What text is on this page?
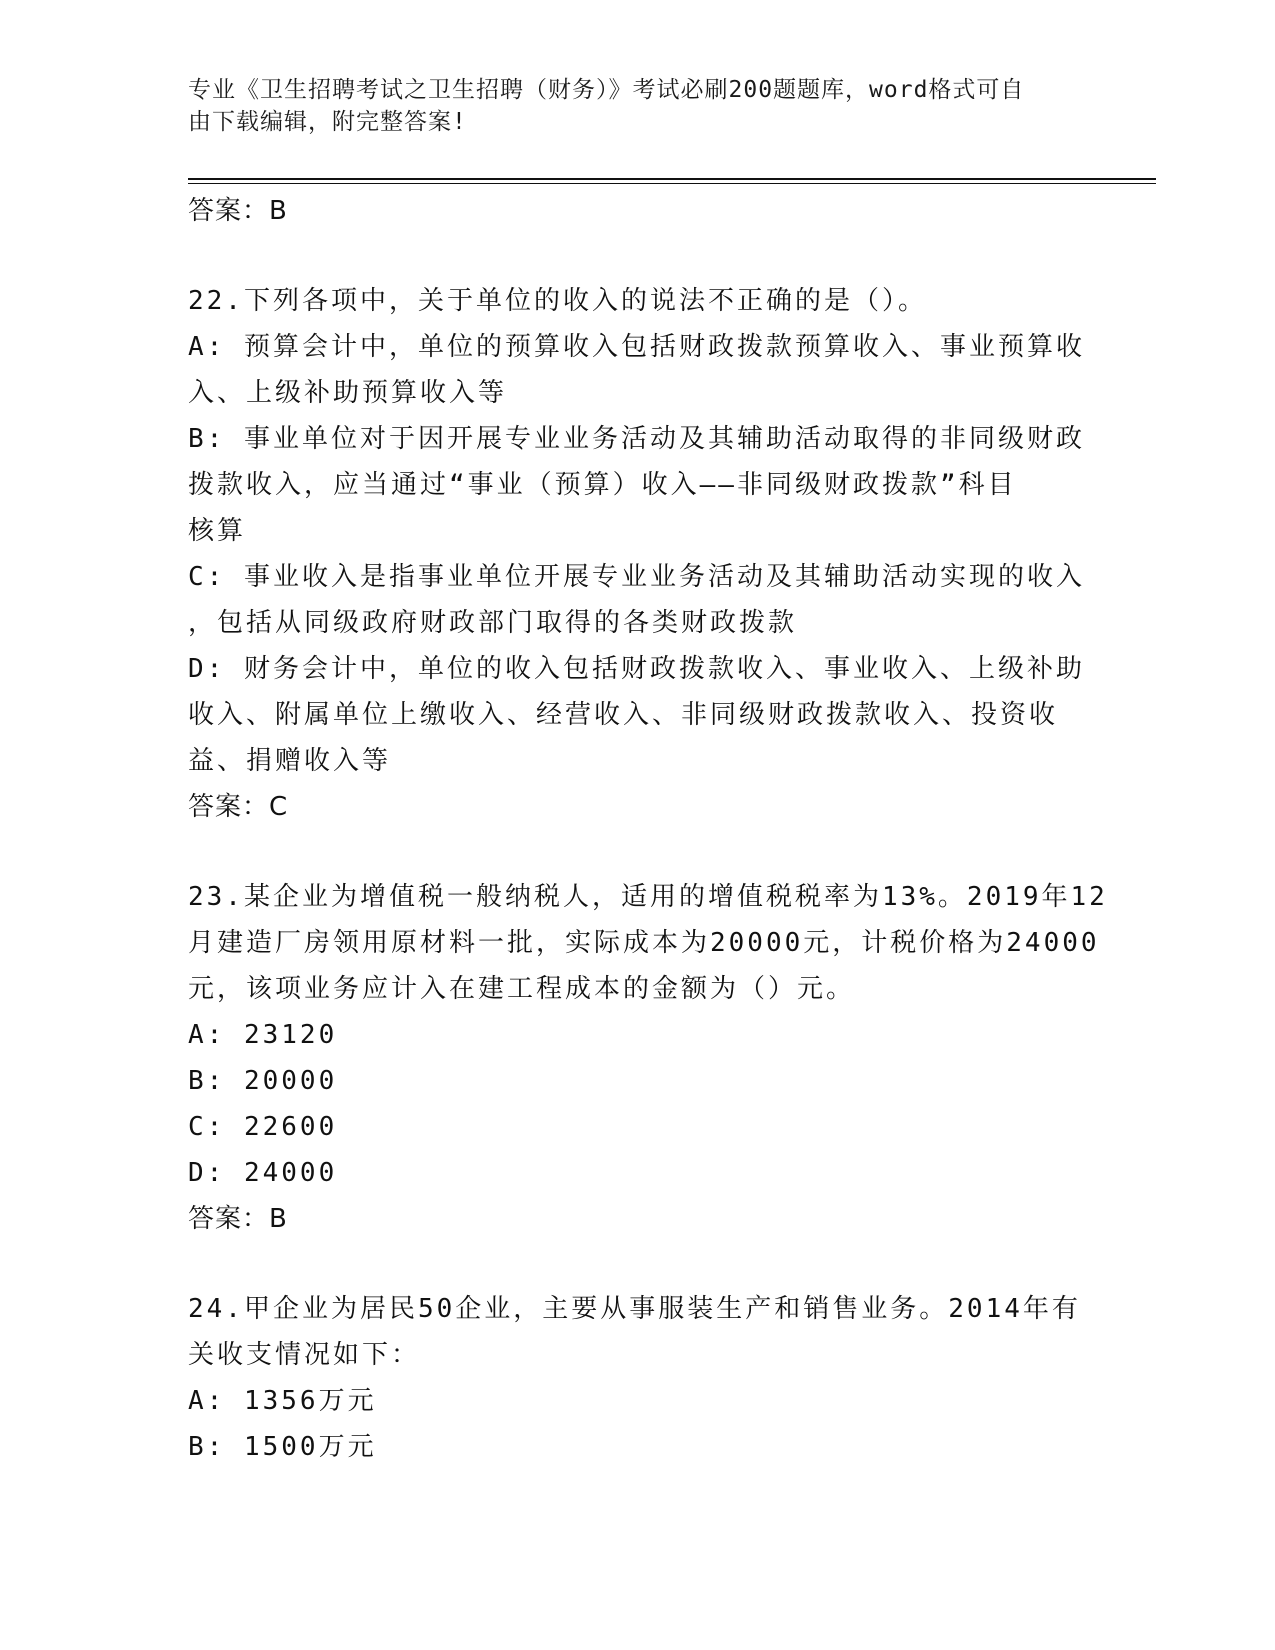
专业《卫生招聘考试之卫生招聘（财务）》考试必刷200题题库，word格式可自
由下载编辑，附完整答案!
答案：B
22.下列各项中，关于单位的收入的说法不正确的是（）。
A: 预算会计中，单位的预算收入包括财政拨款预算收入、事业预算收
入、上级补助预算收入等
B: 事业单位对于因开展专业业务活动及其辅助活动取得的非同级财政
拨款收入，应当通过“事业（预算）收入——非同级财政拨款”科目
核算
C: 事业收入是指事业单位开展专业业务活动及其辅助活动实现的收入
，包括从同级政府财政部门取得的各类财政拨款
D: 财务会计中，单位的收入包括财政拨款收入、事业收入、上级补助
收入、附属单位上缴收入、经营收入、非同级财政拨款收入、投资收
益、捐赠收入等
答案：C
23.某企业为增值税一般纳税人，适用的增值税税率为13%。2019年12
月建造厂房领用原材料一批，实际成本为20000元，计税价格为24000
元，该项业务应计入在建工程成本的金额为（）元。
A: 23120
B: 20000
C: 22600
D: 24000
答案：B
24.甲企业为居民50企业，主要从事服装生产和销售业务。2014年有
关收支情况如下：
A: 1356万元
B: 1500万元
